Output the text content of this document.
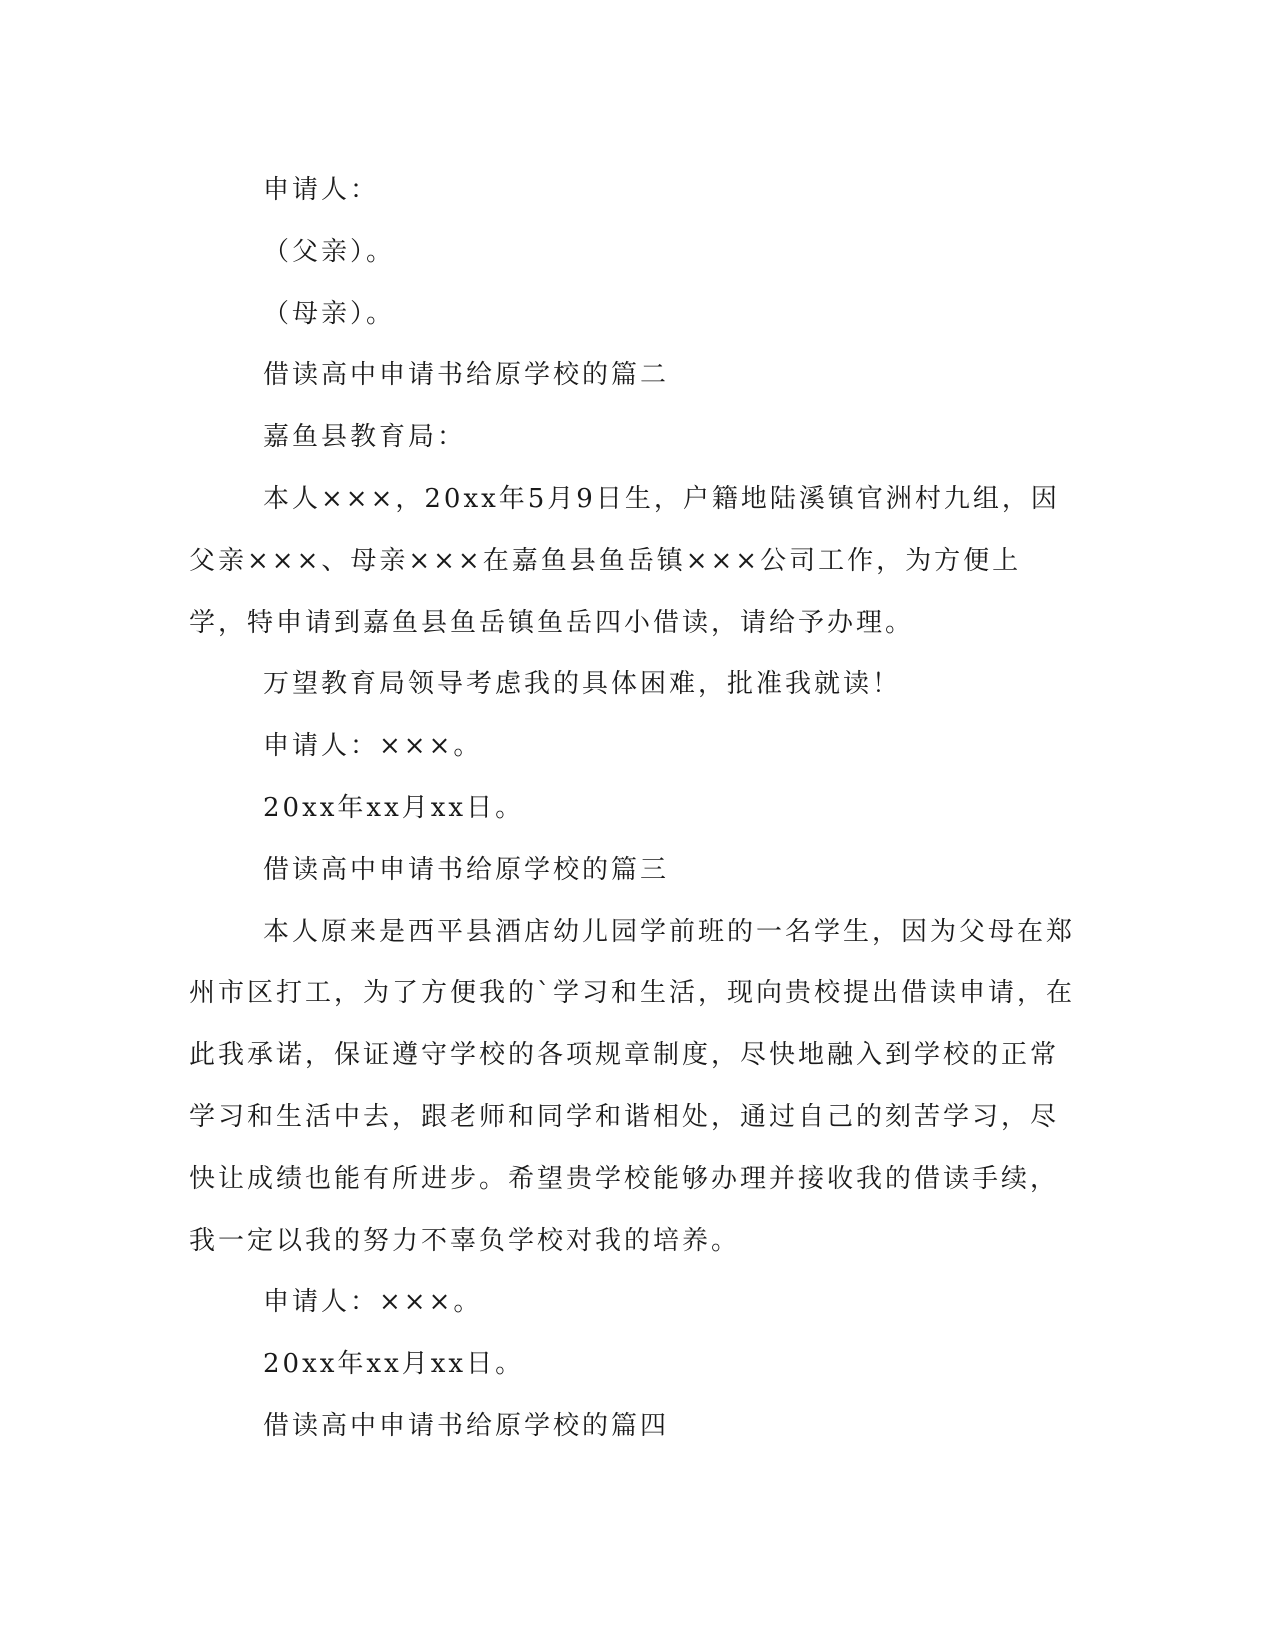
申请人：

（父亲）。

（母亲）。

借读高中申请书给原学校的篇二

嘉鱼县教育局：

本人×××，20xx年5月9日生，户籍地陆溪镇官洲村九组，因父亲×××、母亲×××在嘉鱼县鱼岳镇×××公司工作，为方便上学，特申请到嘉鱼县鱼岳镇鱼岳四小借读，请给予办理。

万望教育局领导考虑我的具体困难，批准我就读！

申请人：×××。

20xx年xx月xx日。

借读高中申请书给原学校的篇三

本人原来是西平县酒店幼儿园学前班的一名学生，因为父母在郑州市区打工，为了方便我的`学习和生活，现向贵校提出借读申请，在此我承诺，保证遵守学校的各项规章制度，尽快地融入到学校的正常学习和生活中去，跟老师和同学和谐相处，通过自己的刻苦学习，尽快让成绩也能有所进步。希望贵学校能够办理并接收我的借读手续，我一定以我的努力不辜负学校对我的培养。

申请人：×××。

20xx年xx月xx日。

借读高中申请书给原学校的篇四
